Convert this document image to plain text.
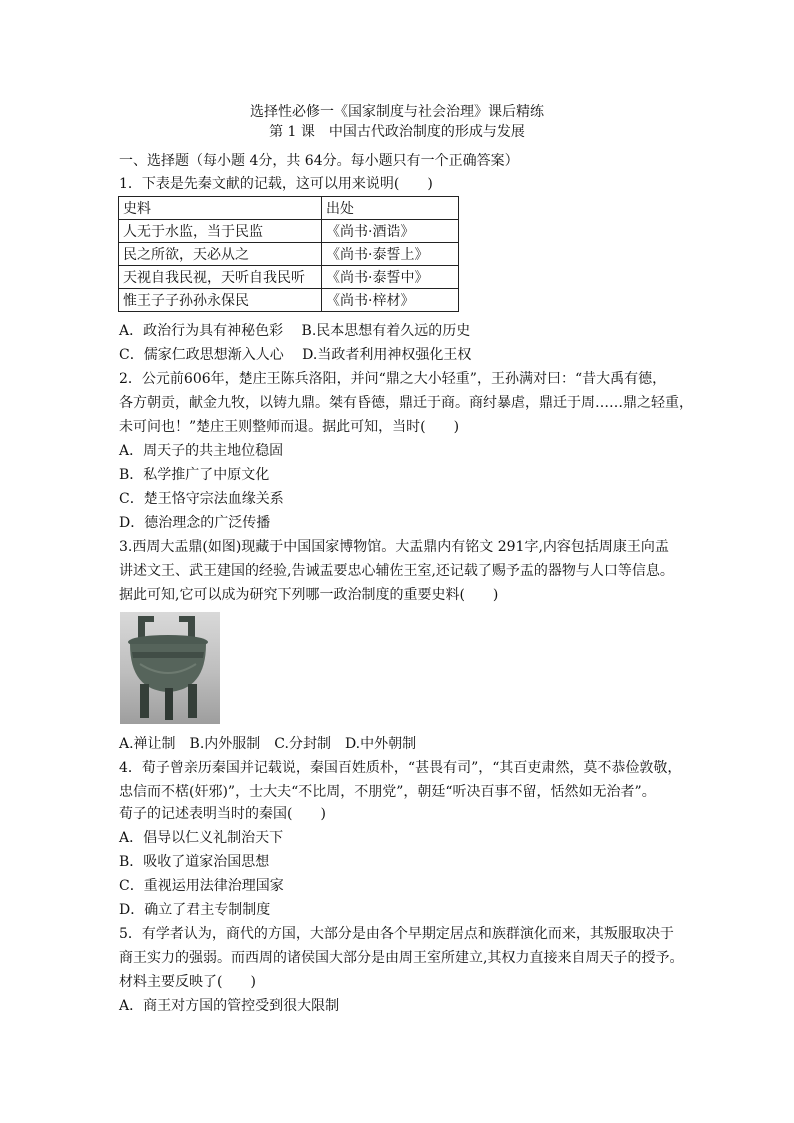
选择性必修一《国家制度与社会治理》课后精练
第 1 课　中国古代政治制度的形成与发展
一、选择题（每小题 4分，共 64分。每小题只有一个正确答案）
1．下表是先秦文献的记载，这可以用来说明(　　)
史料	出处
人无于水监，当于民监	《尚书·酒诰》
民之所欲，天必从之	《尚书·泰誓上》
天视自我民视，天听自我民听	《尚书·泰誓中》
惟王子子孙孙永保民	《尚书·梓材》
A．政治行为具有神秘色彩　 B.民本思想有着久远的历史
C．儒家仁政思想渐入人心　 D.当政者利用神权强化王权
2．公元前606年，楚庄王陈兵洛阳，并问“鼎之大小轻重”，王孙满对曰：“昔大禹有德，
各方朝贡，献金九牧，以铸九鼎。桀有昏德，鼎迁于商。商纣暴虐，鼎迁于周……鼎之轻重，
未可问也！”楚庄王则整师而退。据此可知，当时(　　)
A．周天子的共主地位稳固
B．私学推广了中原文化
C．楚王恪守宗法血缘关系
D．德治理念的广泛传播
3.西周大盂鼎(如图)现藏于中国国家博物馆。大盂鼎内有铭文 291字,内容包括周康王向盂
讲述文王、武王建国的经验,告诫盂要忠心辅佐王室,还记载了赐予盂的器物与人口等信息。
据此可知,它可以成为研究下列哪一政治制度的重要史料(　　)
A.禅让制　B.内外服制　C.分封制　D.中外朝制
4．荀子曾亲历秦国并记载说，秦国百姓质朴，“甚畏有司”，“其百吏肃然，莫不恭俭敦敬，
忠信而不楛(奸邪)”，士大夫“不比周，不朋党”，朝廷“听决百事不留，恬然如无治者”。
荀子的记述表明当时的秦国(　　)
A．倡导以仁义礼制治天下
B．吸收了道家治国思想
C．重视运用法律治理国家
D．确立了君主专制制度
5．有学者认为，商代的方国，大部分是由各个早期定居点和族群演化而来，其叛服取决于
商王实力的强弱。而西周的诸侯国大部分是由周王室所建立,其权力直接来自周天子的授予。
材料主要反映了(　　)
A．商王对方国的管控受到很大限制
